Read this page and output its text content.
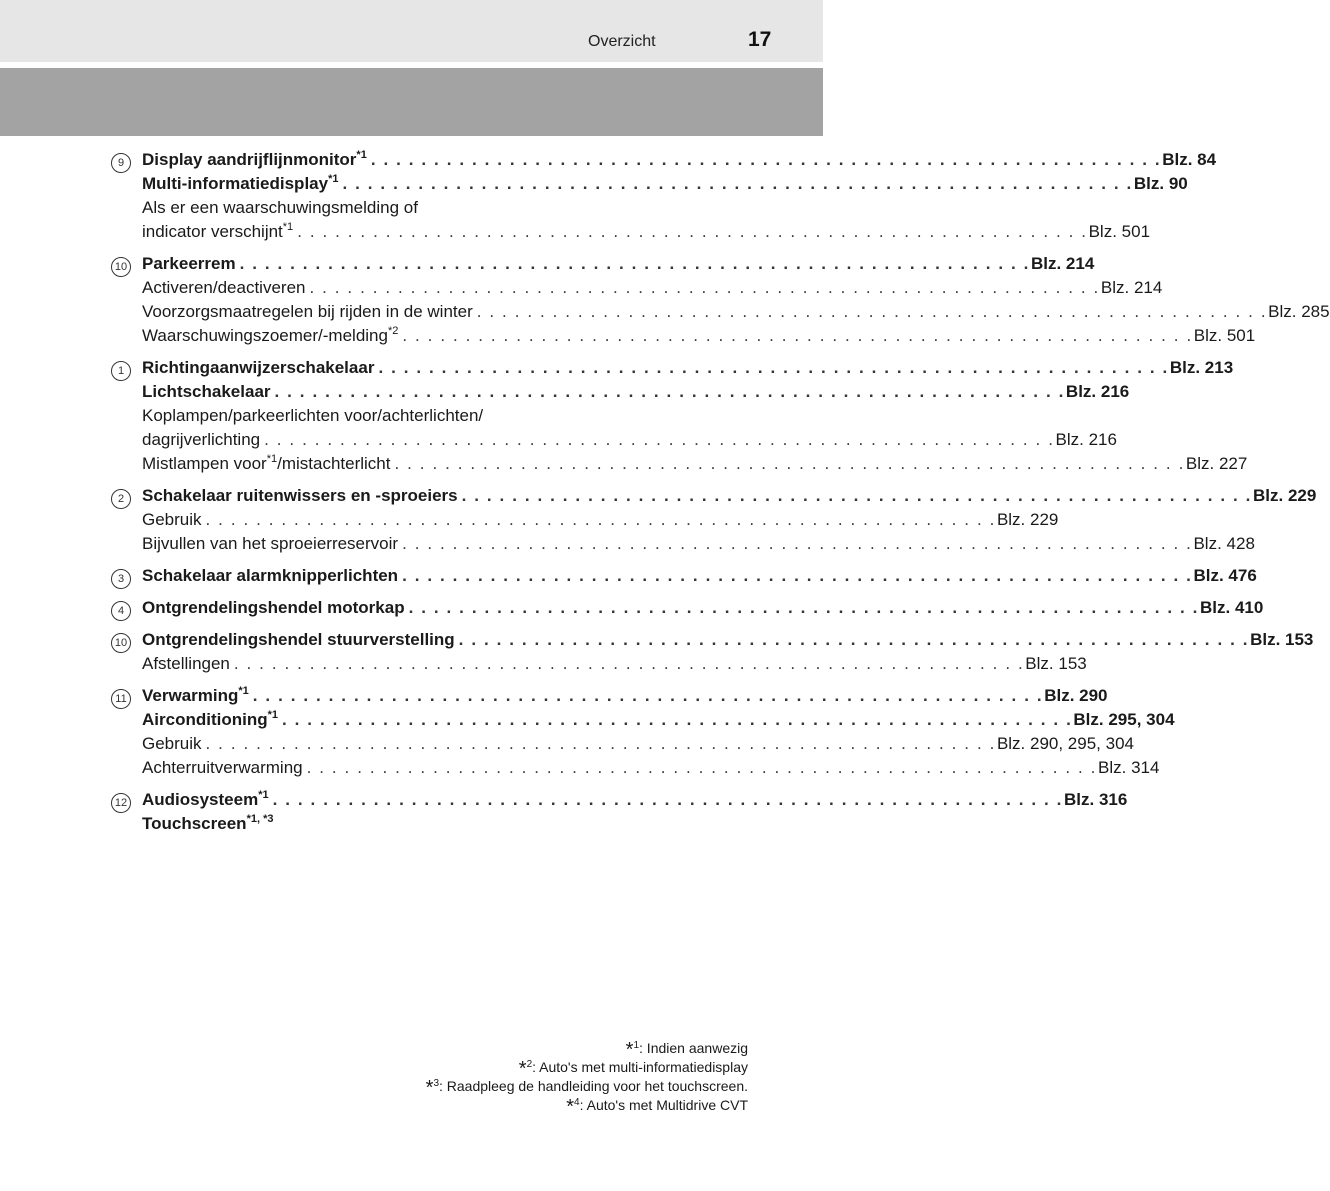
Overzicht	17
9	Display aandrijflijnmonitor$^{*1}$ . . . . . . . . . . . . . . . . . . . . . . . . . . . . . . . . . . . . . . . . . . . . . . . . . . . . . . . . . . . . . . . Blz. 84
Multi-informatiedisplay$^{*1}$ . . . . . . . . . . . . . . . . . . . . . . . . . . . . . . . . . . . . . . . . . . . . . . . . . . . . . . . . . . . . . . . Blz. 90
Als er een waarschuwingsmelding of
indicator verschijnt$^{*1}$ . . . . . . . . . . . . . . . . . . . . . . . . . . . . . . . . . . . . . . . . . . . . . . . . . . . . . . . . . . . . . . . Blz. 501
10 Parkeerrem . . . . . . . . . . . . . . . . . . . . . . . . . . . . . . . . . . . . . . . . . . . . . . . . . . . . . . . . . . . . . . . Blz. 214
Activeren/deactiveren . . . . . . . . . . . . . . . . . . . . . . . . . . . . . . . . . . . . . . . . . . . . . . . . . . . . . . . . . . . . . . . Blz. 214
Voorzorgsmaatregelen bij rijden in de winter . . . . . . . . . . . . . . . . . . . . . . . . . . . . . . . . . . . . . . . . . . . . . . . . . . . . . . . . . . . . . . . Blz. 285
Waarschuwingszoemer/-melding$^{*2}$ . . . . . . . . . . . . . . . . . . . . . . . . . . . . . . . . . . . . . . . . . . . . . . . . . . . . . . . . . . . . . . . Blz. 501
1	Richtingaanwijzerschakelaar . . . . . . . . . . . . . . . . . . . . . . . . . . . . . . . . . . . . . . . . . . . . . . . . . . . . . . . . . . . . . . . Blz. 213
Lichtschakelaar . . . . . . . . . . . . . . . . . . . . . . . . . . . . . . . . . . . . . . . . . . . . . . . . . . . . . . . . . . . . . . . Blz. 216
Koplampen/parkeerlichten voor/achterlichten/
dagrijverlichting . . . . . . . . . . . . . . . . . . . . . . . . . . . . . . . . . . . . . . . . . . . . . . . . . . . . . . . . . . . . . . . Blz. 216
Mistlampen voor$^{*1}$/mistachterlicht . . . . . . . . . . . . . . . . . . . . . . . . . . . . . . . . . . . . . . . . . . . . . . . . . . . . . . . . . . . . . . . Blz. 227
2	Schakelaar ruitenwissers en -sproeiers . . . . . . . . . . . . . . . . . . . . . . . . . . . . . . . . . . . . . . . . . . . . . . . . . . . . . . . . . . . . . . . Blz. 229
Gebruik . . . . . . . . . . . . . . . . . . . . . . . . . . . . . . . . . . . . . . . . . . . . . . . . . . . . . . . . . . . . . . . Blz. 229
Bijvullen van het sproeierreservoir . . . . . . . . . . . . . . . . . . . . . . . . . . . . . . . . . . . . . . . . . . . . . . . . . . . . . . . . . . . . . . . Blz. 428
3	Schakelaar alarmknipperlichten . . . . . . . . . . . . . . . . . . . . . . . . . . . . . . . . . . . . . . . . . . . . . . . . . . . . . . . . . . . . . . . Blz. 476
4	Ontgrendelingshendel motorkap . . . . . . . . . . . . . . . . . . . . . . . . . . . . . . . . . . . . . . . . . . . . . . . . . . . . . . . . . . . . . . . Blz. 410
10 Ontgrendelingshendel stuurverstelling . . . . . . . . . . . . . . . . . . . . . . . . . . . . . . . . . . . . . . . . . . . . . . . . . . . . . . . . . . . . . . . Blz. 153
Afstellingen . . . . . . . . . . . . . . . . . . . . . . . . . . . . . . . . . . . . . . . . . . . . . . . . . . . . . . . . . . . . . . . Blz. 153
11 Verwarming$^{*1}$ . . . . . . . . . . . . . . . . . . . . . . . . . . . . . . . . . . . . . . . . . . . . . . . . . . . . . . . . . . . . . . . Blz. 290
Airconditioning$^{*1}$ . . . . . . . . . . . . . . . . . . . . . . . . . . . . . . . . . . . . . . . . . . . . . . . . . . . . . . . . . . . . . . . Blz. 295, 304
Gebruik . . . . . . . . . . . . . . . . . . . . . . . . . . . . . . . . . . . . . . . . . . . . . . . . . . . . . . . . . . . . . . . Blz. 290, 295, 304
Achterruitverwarming . . . . . . . . . . . . . . . . . . . . . . . . . . . . . . . . . . . . . . . . . . . . . . . . . . . . . . . . . . . . . . . Blz. 314
12 Audiosysteem$^{*1}$ . . . . . . . . . . . . . . . . . . . . . . . . . . . . . . . . . . . . . . . . . . . . . . . . . . . . . . . . . . . . . . . Blz. 316
Touchscreen$^{*1, *3}$
*$^1$: Indien aanwezig
*$^2$: Auto's met multi-informatiedisplay
*$^3$: Raadpleeg de handleiding voor het touchscreen.
*$^4$: Auto's met Multidrive CVT
